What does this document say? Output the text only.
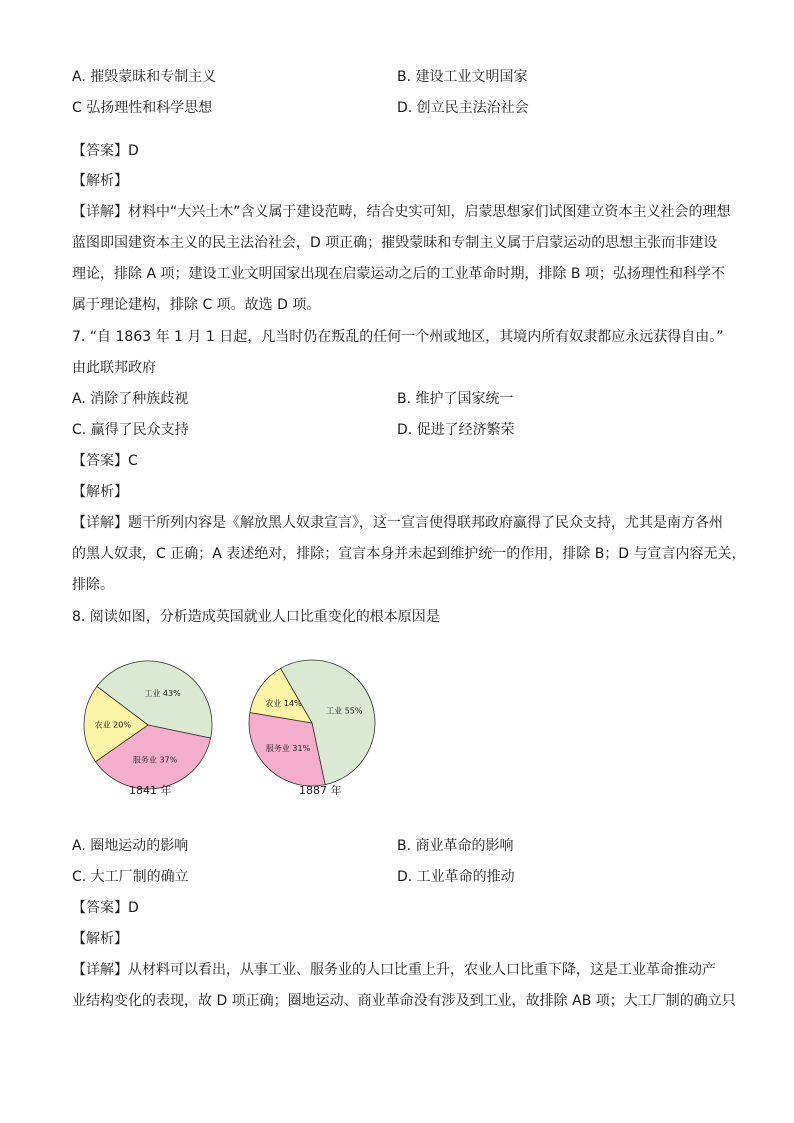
A. 摧毁蒙昧和专制主义	B. 建设工业文明国家
C 弘扬理性和科学思想	D. 创立民主法治社会
【答案】D
【解析】
【详解】材料中“大兴土木”含义属于建设范畴，结合史实可知，启蒙思想家们试图建立资本主义社会的理想
蓝图即国建资本主义的民主法治社会，D 项正确；摧毁蒙昧和专制主义属于启蒙运动的思想主张而非建设
理论，排除 A 项；建设工业文明国家出现在启蒙运动之后的工业革命时期，排除 B 项；弘扬理性和科学不
属于理论建构，排除 C 项。故选 D 项。
7. “自 1863 年 1 月 1 日起，凡当时仍在叛乱的任何一个州或地区，其境内所有奴隶都应永远获得自由。”
由此联邦政府
A. 消除了种族歧视	B. 维护了国家统一
C. 赢得了民众支持	D. 促进了经济繁荣
【答案】C
【解析】
【详解】题干所列内容是《解放黑人奴隶宣言》，这一宣言使得联邦政府赢得了民众支持，尤其是南方各州
的黑人奴隶，C 正确；A 表述绝对，排除；宣言本身并未起到维护统一的作用，排除 B；D 与宣言内容无关，
排除。
8. 阅读如图，分析造成英国就业人口比重变化的根本原因是
工业 43%
服务业 37%
农业 20%
工业 55%
服务业 31%
农业 14%
1841 年	1887 年
A. 圈地运动的影响	B. 商业革命的影响
C. 大工厂制的确立	D. 工业革命的推动
【答案】D
【解析】
【详解】从材料可以看出，从事工业、服务业的人口比重上升，农业人口比重下降，这是工业革命推动产
业结构变化的表现，故 D 项正确；圈地运动、商业革命没有涉及到工业，故排除 AB 项；大工厂制的确立只
